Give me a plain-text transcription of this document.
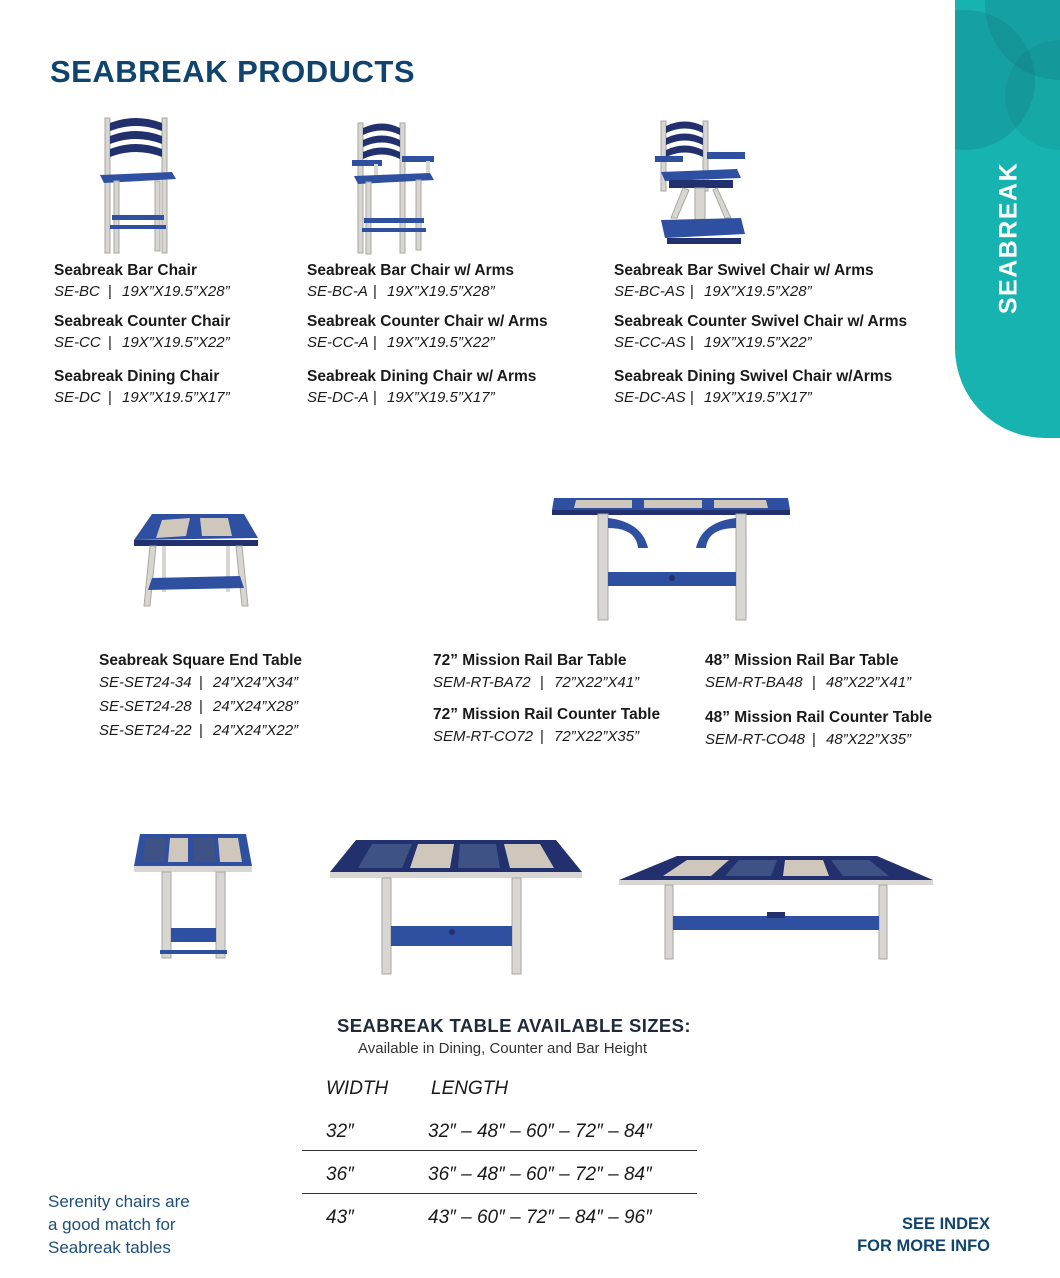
SEABREAK PRODUCTS
SEABREAK
Seabreak Bar Chair
SE-BC | 19X”X19.5”X28”
Seabreak Counter Chair
SE-CC | 19X”X19.5”X22”
Seabreak Dining Chair
SE-DC | 19X”X19.5”X17”
Seabreak Bar Chair w/ Arms
SE-BC-A | 19X”X19.5”X28”
Seabreak Counter Chair w/ Arms
SE-CC-A | 19X”X19.5”X22”
Seabreak Dining Chair w/ Arms
SE-DC-A | 19X”X19.5”X17”
Seabreak Bar Swivel Chair w/ Arms
SE-BC-AS | 19X”X19.5”X28”
Seabreak Counter Swivel Chair w/ Arms
SE-CC-AS | 19X”X19.5”X22”
Seabreak Dining Swivel Chair w/Arms
SE-DC-AS | 19X”X19.5”X17”
Seabreak Square End Table
SE-SET24-34 | 24”X24”X34”
SE-SET24-28 | 24”X24”X28”
SE-SET24-22 | 24”X24”X22”
72” Mission Rail Bar Table
SEM-RT-BA72 | 72”X22”X41”
72” Mission Rail Counter Table
SEM-RT-CO72 | 72”X22”X35”
48” Mission Rail Bar Table
SEM-RT-BA48 | 48”X22”X41”
48” Mission Rail Counter Table
SEM-RT-CO48 | 48”X22”X35”
SEABREAK TABLE AVAILABLE SIZES:
Available in Dining, Counter and Bar Height
WIDTH LENGTH
32″	32″ – 48″ – 60″ – 72″ – 84″
36″	36″ – 48″ – 60″ – 72″ – 84″
43″	43″ – 60″ – 72″ – 84″ – 96″
Serenity chairs are
a good match for
Seabreak tables
SEE INDEX
FOR MORE INFO
